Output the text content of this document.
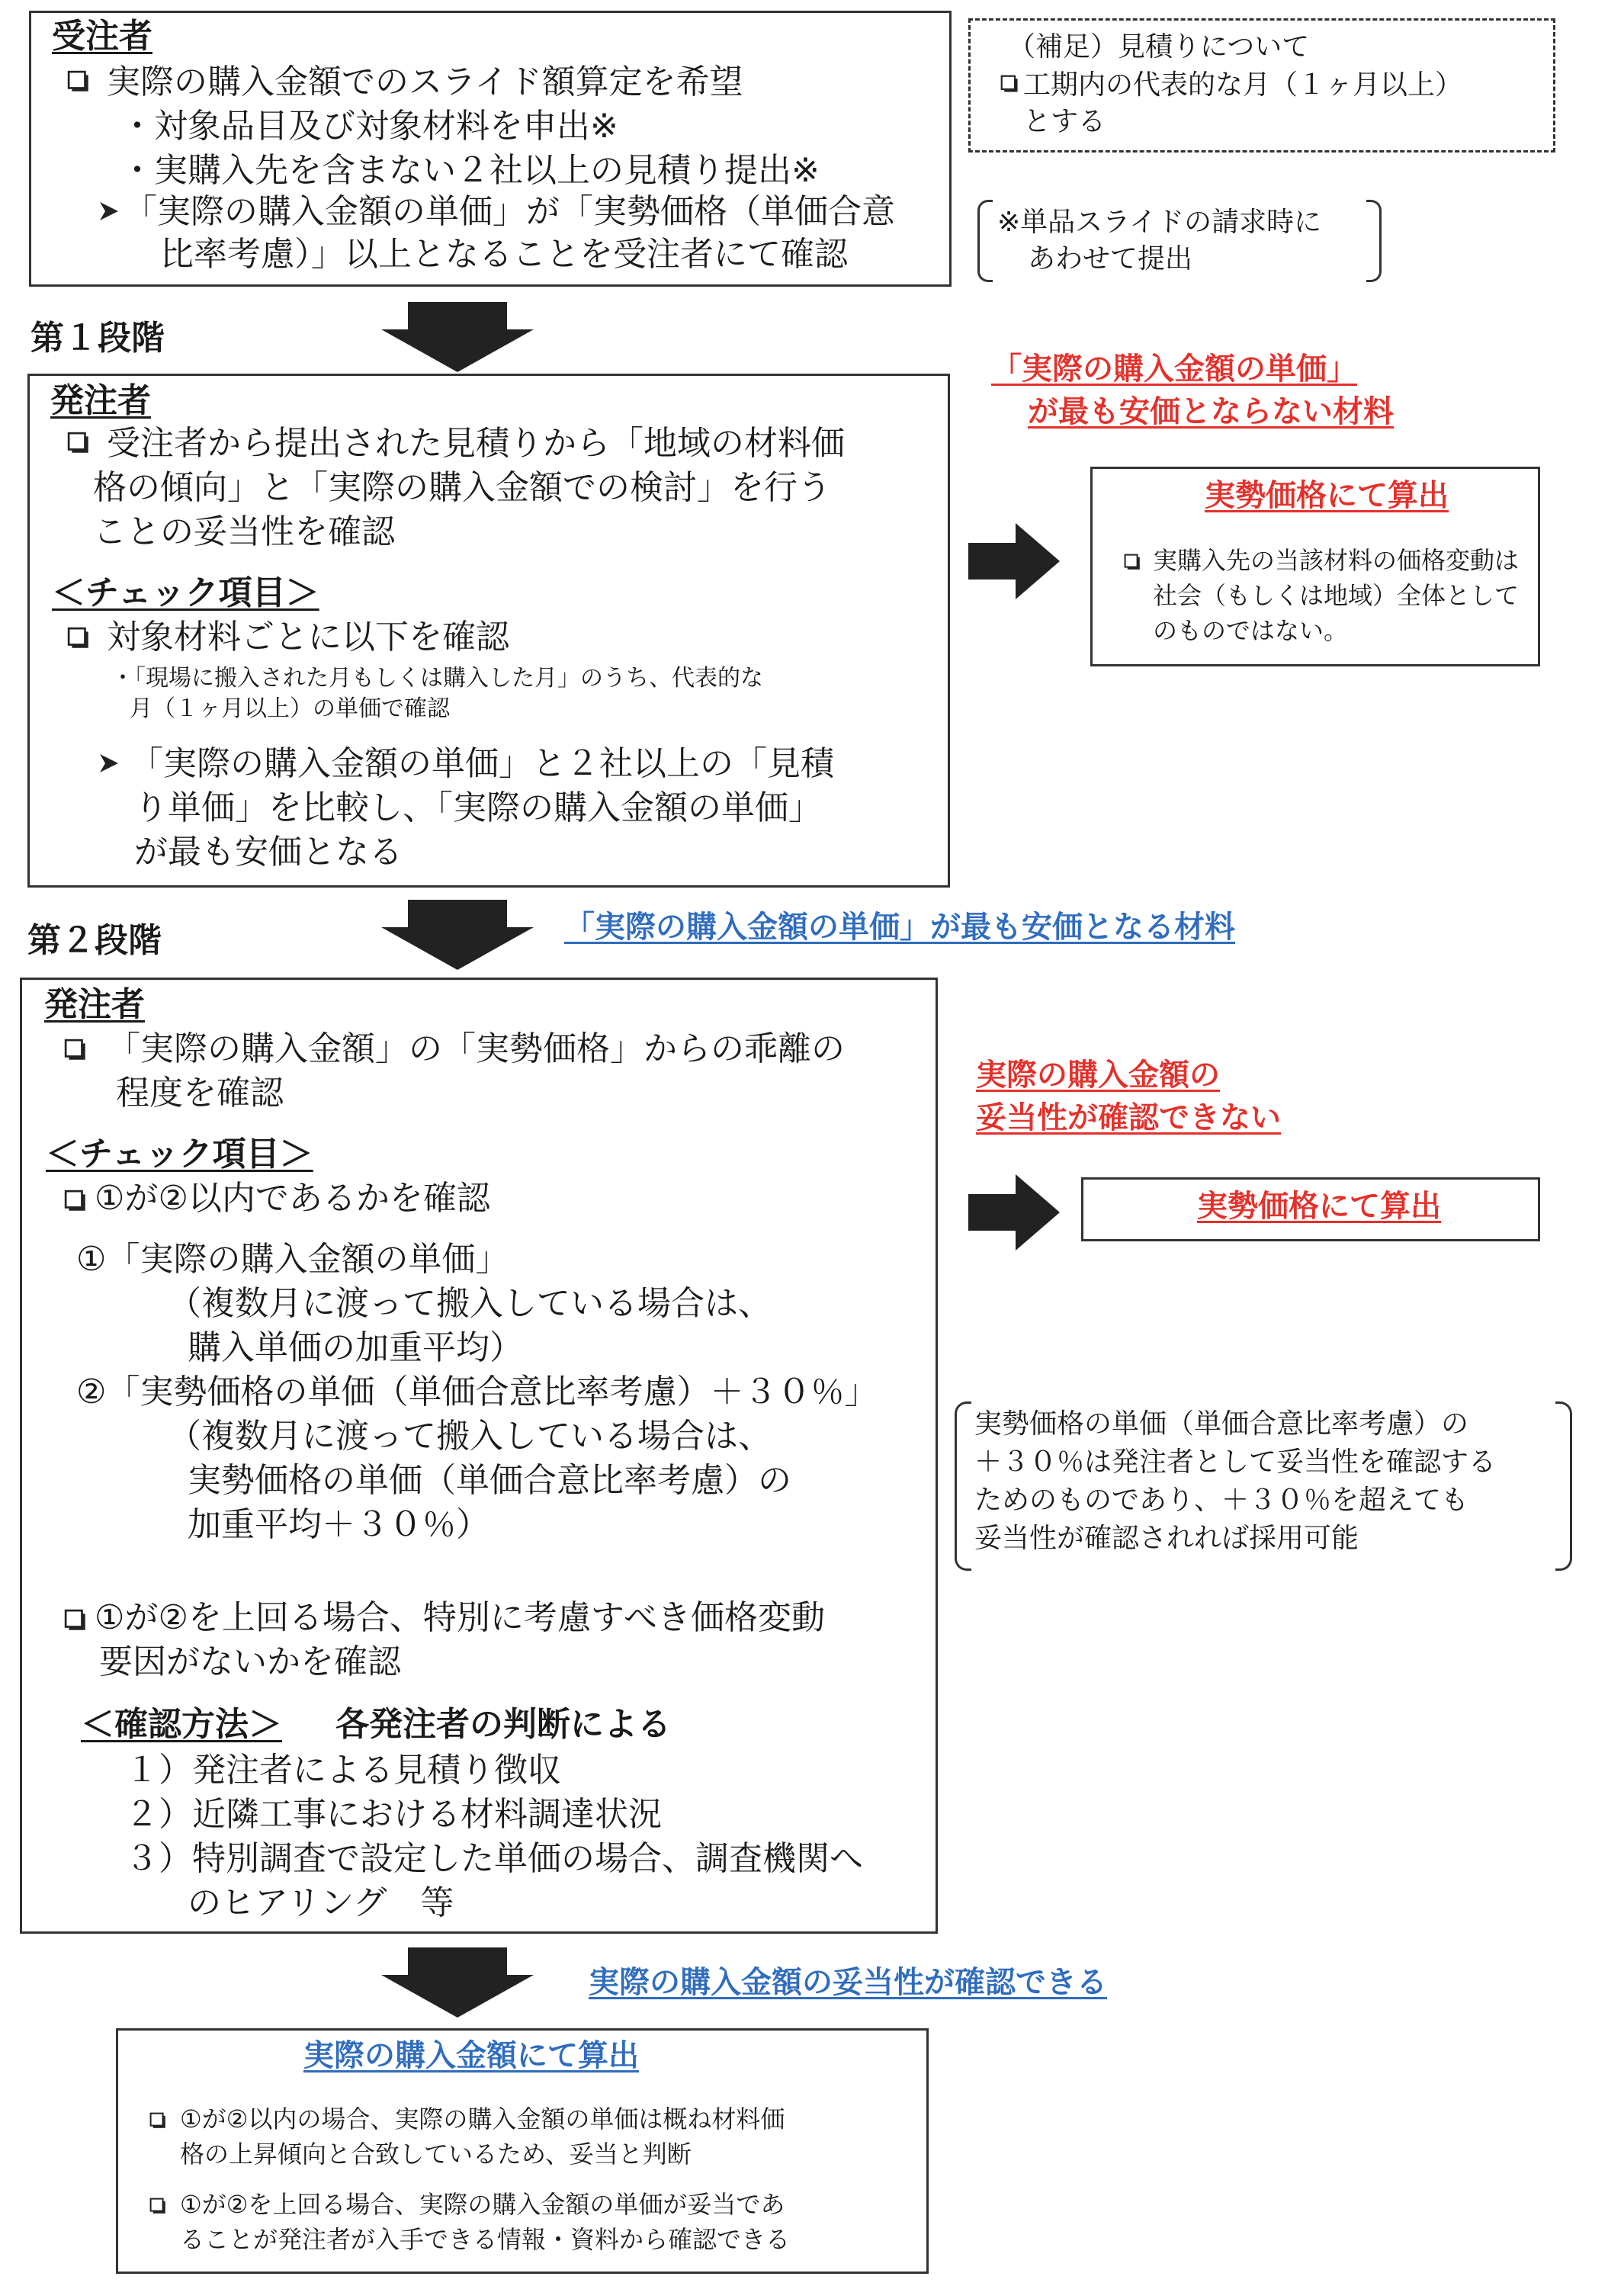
受注者
実際の購入金額でのスライド額算定を希望
・対象品目及び対象材料を申出※
・実購入先を含まない２社以上の見積り提出※
「実際の購入金額の単価」が「実勢価格（単価合意
比率考慮）」以上となることを受注者にて確認
（補足）見積りについて
工期内の代表的な月（１ヶ月以上）
とする
※単品スライドの請求時に
あわせて提出
第１段階
「実際の購入金額の単価」
が最も安価とならない材料
発注者
受注者から提出された見積りから「地域の材料価
格の傾向」と「実際の購入金額での検討」を行う
ことの妥当性を確認
＜チェック項目＞
対象材料ごとに以下を確認
・「現場に搬入された月もしくは購入した月」のうち、代表的な
月（１ヶ月以上）の単価で確認
「実際の購入金額の単価」と２社以上の「見積
り単価」を比較し、「実際の購入金額の単価」
が最も安価となる
実勢価格にて算出
実購入先の当該材料の価格変動は
社会（もしくは地域）全体として
のものではない。
「実際の購入金額の単価」が最も安価となる材料
第２段階
発注者
「実際の購入金額」の「実勢価格」からの乖離の
程度を確認
＜チェック項目＞
①が②以内であるかを確認
①「実際の購入金額の単価」
（複数月に渡って搬入している場合は、
購入単価の加重平均）
②「実勢価格の単価（単価合意比率考慮）＋３０％」
（複数月に渡って搬入している場合は、
実勢価格の単価（単価合意比率考慮）の
加重平均＋３０％）
①が②を上回る場合、特別に考慮すべき価格変動
要因がないかを確認
＜確認方法＞ 各発注者の判断による
１）発注者による見積り徴収
２）近隣工事における材料調達状況
３）特別調査で設定した単価の場合、調査機関へ
のヒアリング　等
実際の購入金額の
妥当性が確認できない
実勢価格にて算出
実勢価格の単価（単価合意比率考慮）の
＋３０％は発注者として妥当性を確認する
ためのものであり、＋３０％を超えても
妥当性が確認されれば採用可能
実際の購入金額の妥当性が確認できる
実際の購入金額にて算出
①が②以内の場合、実際の購入金額の単価は概ね材料価
格の上昇傾向と合致しているため、妥当と判断
①が②を上回る場合、実際の購入金額の単価が妥当であ
ることが発注者が入手できる情報・資料から確認できる
